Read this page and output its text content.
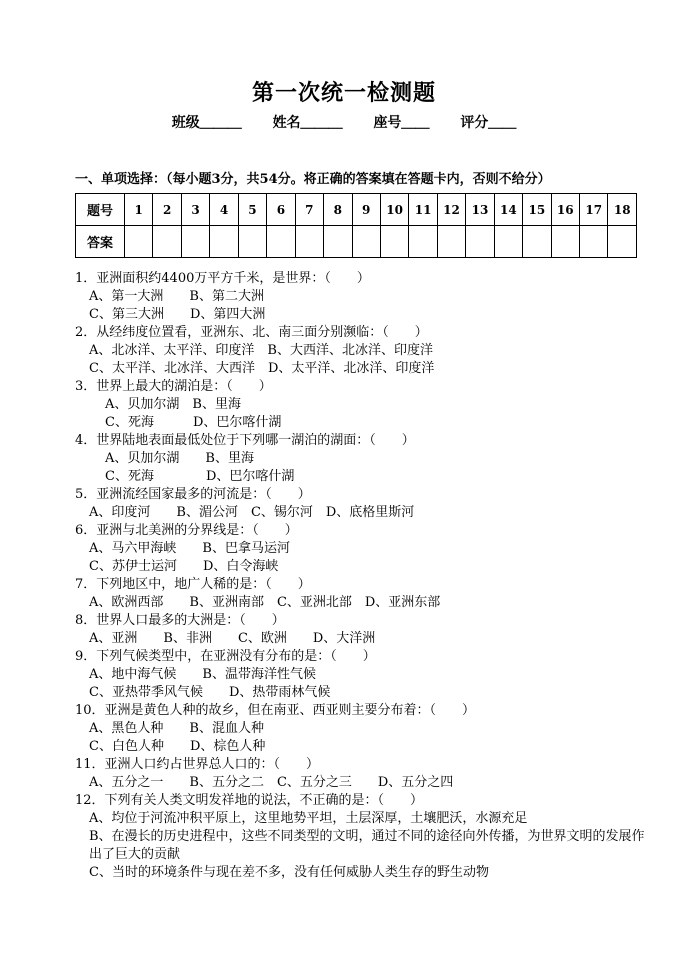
第一次统一检测题
班级＿＿＿ 姓名＿＿＿ 座号＿＿ 评分＿＿
一、单项选择：（每小题3分，共54分。将正确的答案填在答题卡内，否则不给分）
题号	1	2	3	4	5	6	7	8	9	10	11	12	13	14	15	16	17	18
答案																		
1．亚洲面积约4400万平方千米，是世界：（　　）
A、第一大洲　　B、第二大洲
C、第三大洲　　D、第四大洲
2．从经纬度位置看，亚洲东、北、南三面分别濒临：（　　）
A、北冰洋、太平洋、印度洋　B、大西洋、北冰洋、印度洋
C、太平洋、北冰洋、大西洋　D、太平洋、北冰洋、印度洋
3．世界上最大的湖泊是：（　　）
A、贝加尔湖　B、里海
C、死海　　　D、巴尔喀什湖
4．世界陆地表面最低处位于下列哪一湖泊的湖面：（　　）
A、贝加尔湖　　B、里海
C、死海　　　　D、巴尔喀什湖
5．亚洲流经国家最多的河流是：（　　）
A、印度河　　B、湄公河　C、锡尔河　D、底格里斯河
6．亚洲与北美洲的分界线是：（　　）
A、马六甲海峡　　B、巴拿马运河
C、苏伊士运河　　D、白令海峡
7．下列地区中，地广人稀的是：（　　）
A、欧洲西部　　B、亚洲南部　C、亚洲北部　D、亚洲东部
8．世界人口最多的大洲是：（　　）
A、亚洲　　B、非洲　　C、欧洲　　D、大洋洲
9．下列气候类型中，在亚洲没有分布的是：（　　）
A、地中海气候　　B、温带海洋性气候
C、亚热带季风气候　　D、热带雨林气候
10．亚洲是黄色人种的故乡，但在南亚、西亚则主要分布着：（　　）
A、黑色人种　　B、混血人种
C、白色人种　　D、棕色人种
11．亚洲人口约占世界总人口的：（　　）
A、五分之一　　B、五分之二　C、五分之三　　D、五分之四
12．下列有关人类文明发祥地的说法，不正确的是：（　　）
A、均位于河流冲积平原上，这里地势平坦，土层深厚，土壤肥沃，水源充足
B、在漫长的历史进程中，这些不同类型的文明，通过不同的途径向外传播，为世界文明的发展作出了巨大的贡献
C、当时的环境条件与现在差不多，没有任何威胁人类生存的野生动物
